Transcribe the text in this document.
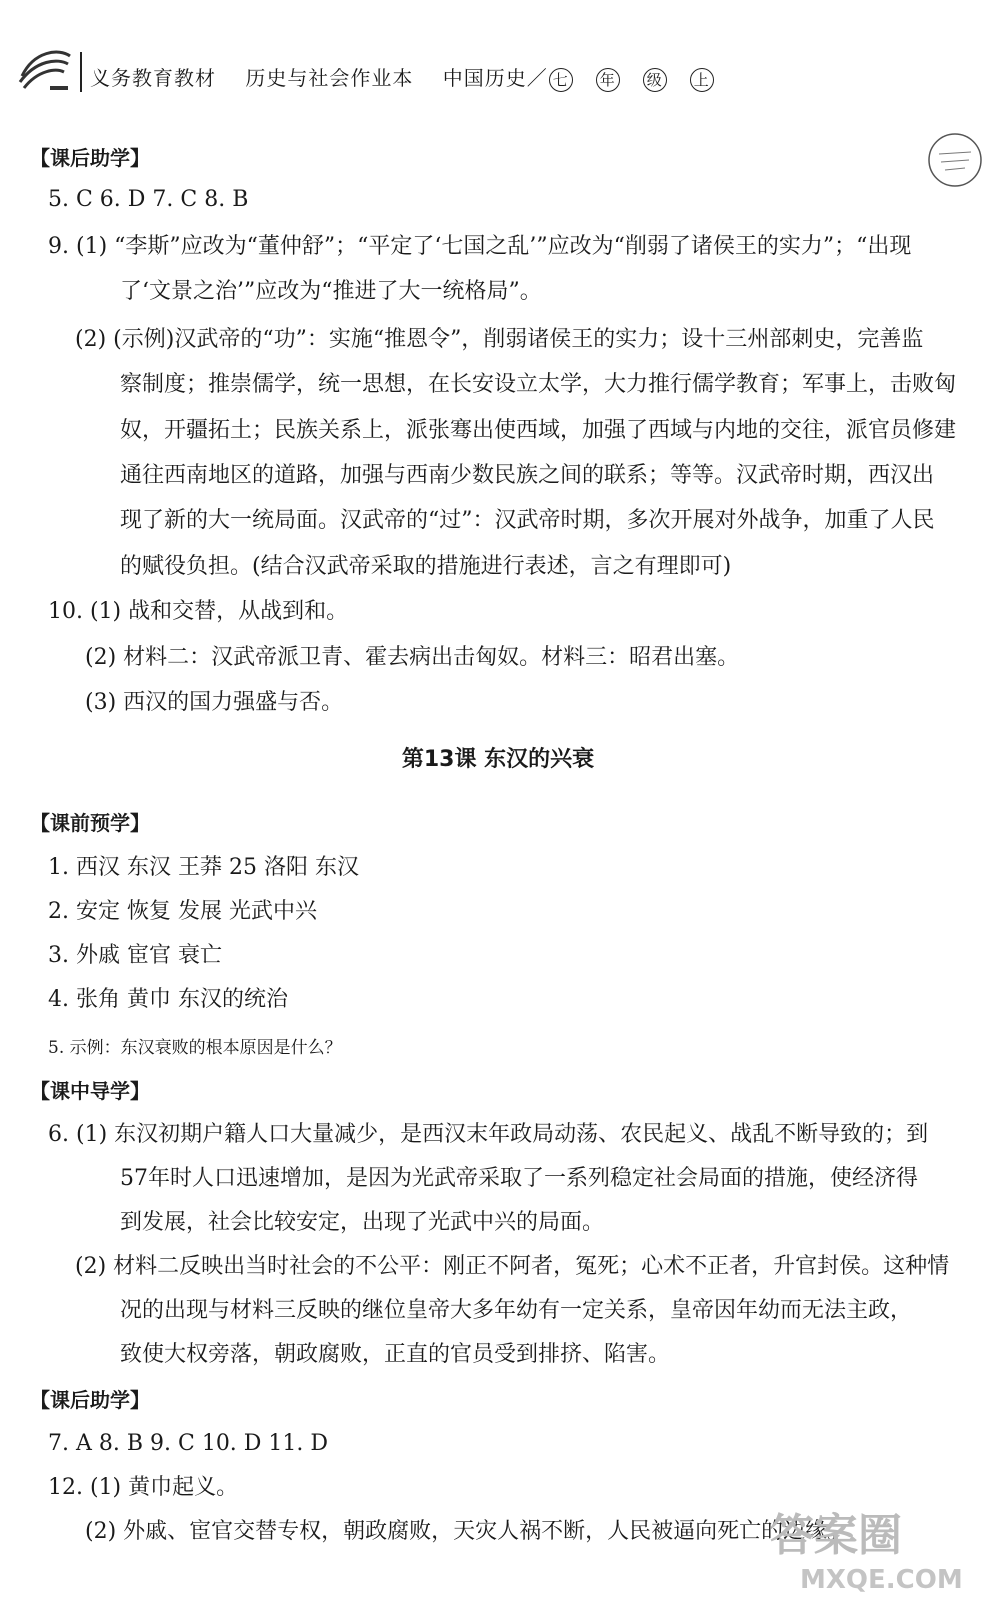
义务教育教材 历史与社会作业本 中国历史／ 七 年 级 上
【课后助学】
5. C 6. D 7. C 8. B
9. (1) “李斯”应改为“董仲舒”；“平定了‘七国之乱’”应改为“削弱了诸侯王的实力”；“出现
了‘文景之治’”应改为“推进了大一统格局”。
(2) (示例)汉武帝的“功”：实施“推恩令”，削弱诸侯王的实力；设十三州部刺史，完善监
察制度；推崇儒学，统一思想，在长安设立太学，大力推行儒学教育；军事上，击败匈
奴，开疆拓土；民族关系上，派张骞出使西域，加强了西域与内地的交往，派官员修建
通往西南地区的道路，加强与西南少数民族之间的联系；等等。汉武帝时期，西汉出
现了新的大一统局面。汉武帝的“过”：汉武帝时期，多次开展对外战争，加重了人民
的赋役负担。(结合汉武帝采取的措施进行表述，言之有理即可)
10. (1) 战和交替，从战到和。
(2) 材料二：汉武帝派卫青、霍去病出击匈奴。材料三：昭君出塞。
(3) 西汉的国力强盛与否。
【课前预学】
1. 西汉 东汉 王莽 25 洛阳 东汉
2. 安定 恢复 发展 光武中兴
3. 外戚 宦官 衰亡
4. 张角 黄巾 东汉的统治
5. 示例：东汉衰败的根本原因是什么？
【课中导学】
6. (1) 东汉初期户籍人口大量减少，是西汉末年政局动荡、农民起义、战乱不断导致的；到
57年时人口迅速增加，是因为光武帝采取了一系列稳定社会局面的措施，使经济得
到发展，社会比较安定，出现了光武中兴的局面。
(2) 材料二反映出当时社会的不公平：刚正不阿者，冤死；心术不正者，升官封侯。这种情
况的出现与材料三反映的继位皇帝大多年幼有一定关系，皇帝因年幼而无法主政，
致使大权旁落，朝政腐败，正直的官员受到排挤、陷害。
【课后助学】
7. A 8. B 9. C 10. D 11. D
12. (1) 黄巾起义。
(2) 外戚、宦官交替专权，朝政腐败，天灾人祸不断，人民被逼向死亡的边缘。
第13课 东汉的兴衰
答案圈
MXQE.COM
